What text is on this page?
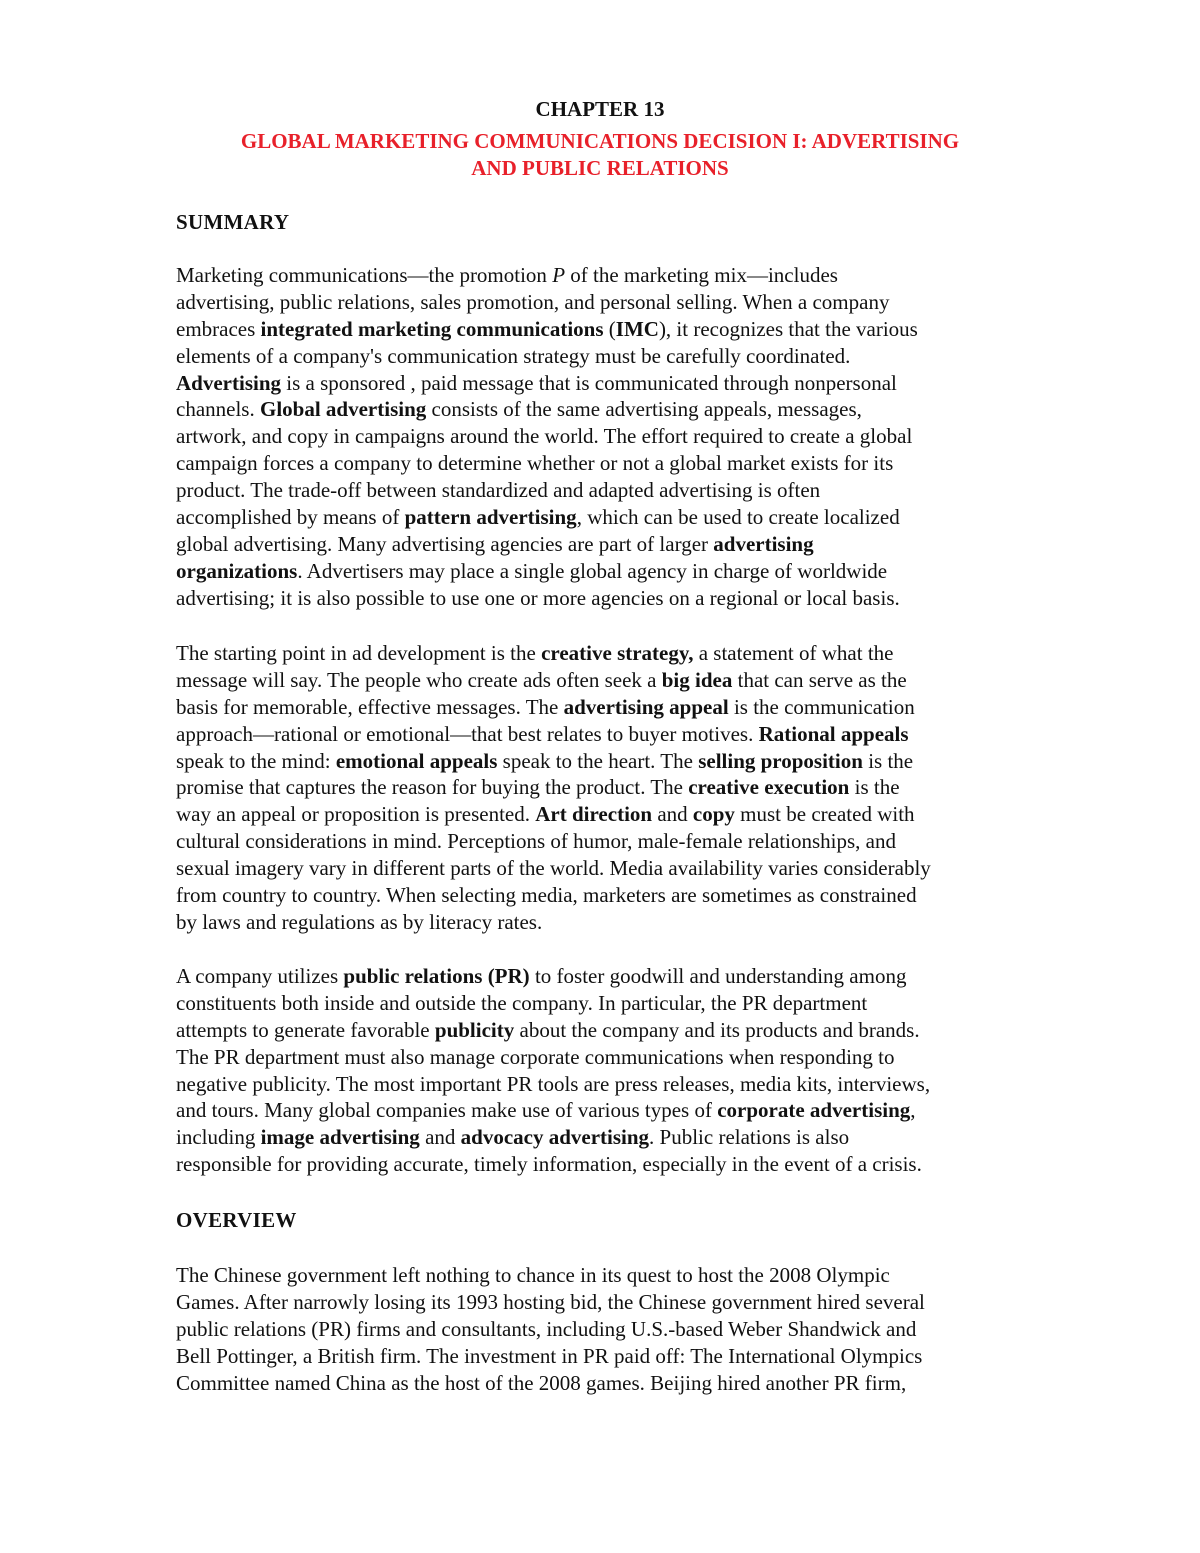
CHAPTER 13
GLOBAL MARKETING COMMUNICATIONS DECISION I: ADVERTISING
AND PUBLIC RELATIONS
SUMMARY
Marketing communications—the promotion P of the marketing mix—includes
advertising, public relations, sales promotion, and personal selling. When a company
embraces integrated marketing communications (IMC), it recognizes that the various
elements of a company's communication strategy must be carefully coordinated.
Advertising is a sponsored , paid message that is communicated through nonpersonal
channels. Global advertising consists of the same advertising appeals, messages,
artwork, and copy in campaigns around the world. The effort required to create a global
campaign forces a company to determine whether or not a global market exists for its
product. The trade-off between standardized and adapted advertising is often
accomplished by means of pattern advertising, which can be used to create localized
global advertising. Many advertising agencies are part of larger advertising
organizations. Advertisers may place a single global agency in charge of worldwide
advertising; it is also possible to use one or more agencies on a regional or local basis.
The starting point in ad development is the creative strategy, a statement of what the
message will say. The people who create ads often seek a big idea that can serve as the
basis for memorable, effective messages. The advertising appeal is the communication
approach—rational or emotional—that best relates to buyer motives. Rational appeals
speak to the mind: emotional appeals speak to the heart. The selling proposition is the
promise that captures the reason for buying the product. The creative execution is the
way an appeal or proposition is presented. Art direction and copy must be created with
cultural considerations in mind. Perceptions of humor, male-female relationships, and
sexual imagery vary in different parts of the world. Media availability varies considerably
from country to country. When selecting media, marketers are sometimes as constrained
by laws and regulations as by literacy rates.
A company utilizes public relations (PR) to foster goodwill and understanding among
constituents both inside and outside the company. In particular, the PR department
attempts to generate favorable publicity about the company and its products and brands.
The PR department must also manage corporate communications when responding to
negative publicity. The most important PR tools are press releases, media kits, interviews,
and tours. Many global companies make use of various types of corporate advertising,
including image advertising and advocacy advertising. Public relations is also
responsible for providing accurate, timely information, especially in the event of a crisis.
OVERVIEW
The Chinese government left nothing to chance in its quest to host the 2008 Olympic
Games. After narrowly losing its 1993 hosting bid, the Chinese government hired several
public relations (PR) firms and consultants, including U.S.-based Weber Shandwick and
Bell Pottinger, a British firm. The investment in PR paid off: The International Olympics
Committee named China as the host of the 2008 games. Beijing hired another PR firm,
